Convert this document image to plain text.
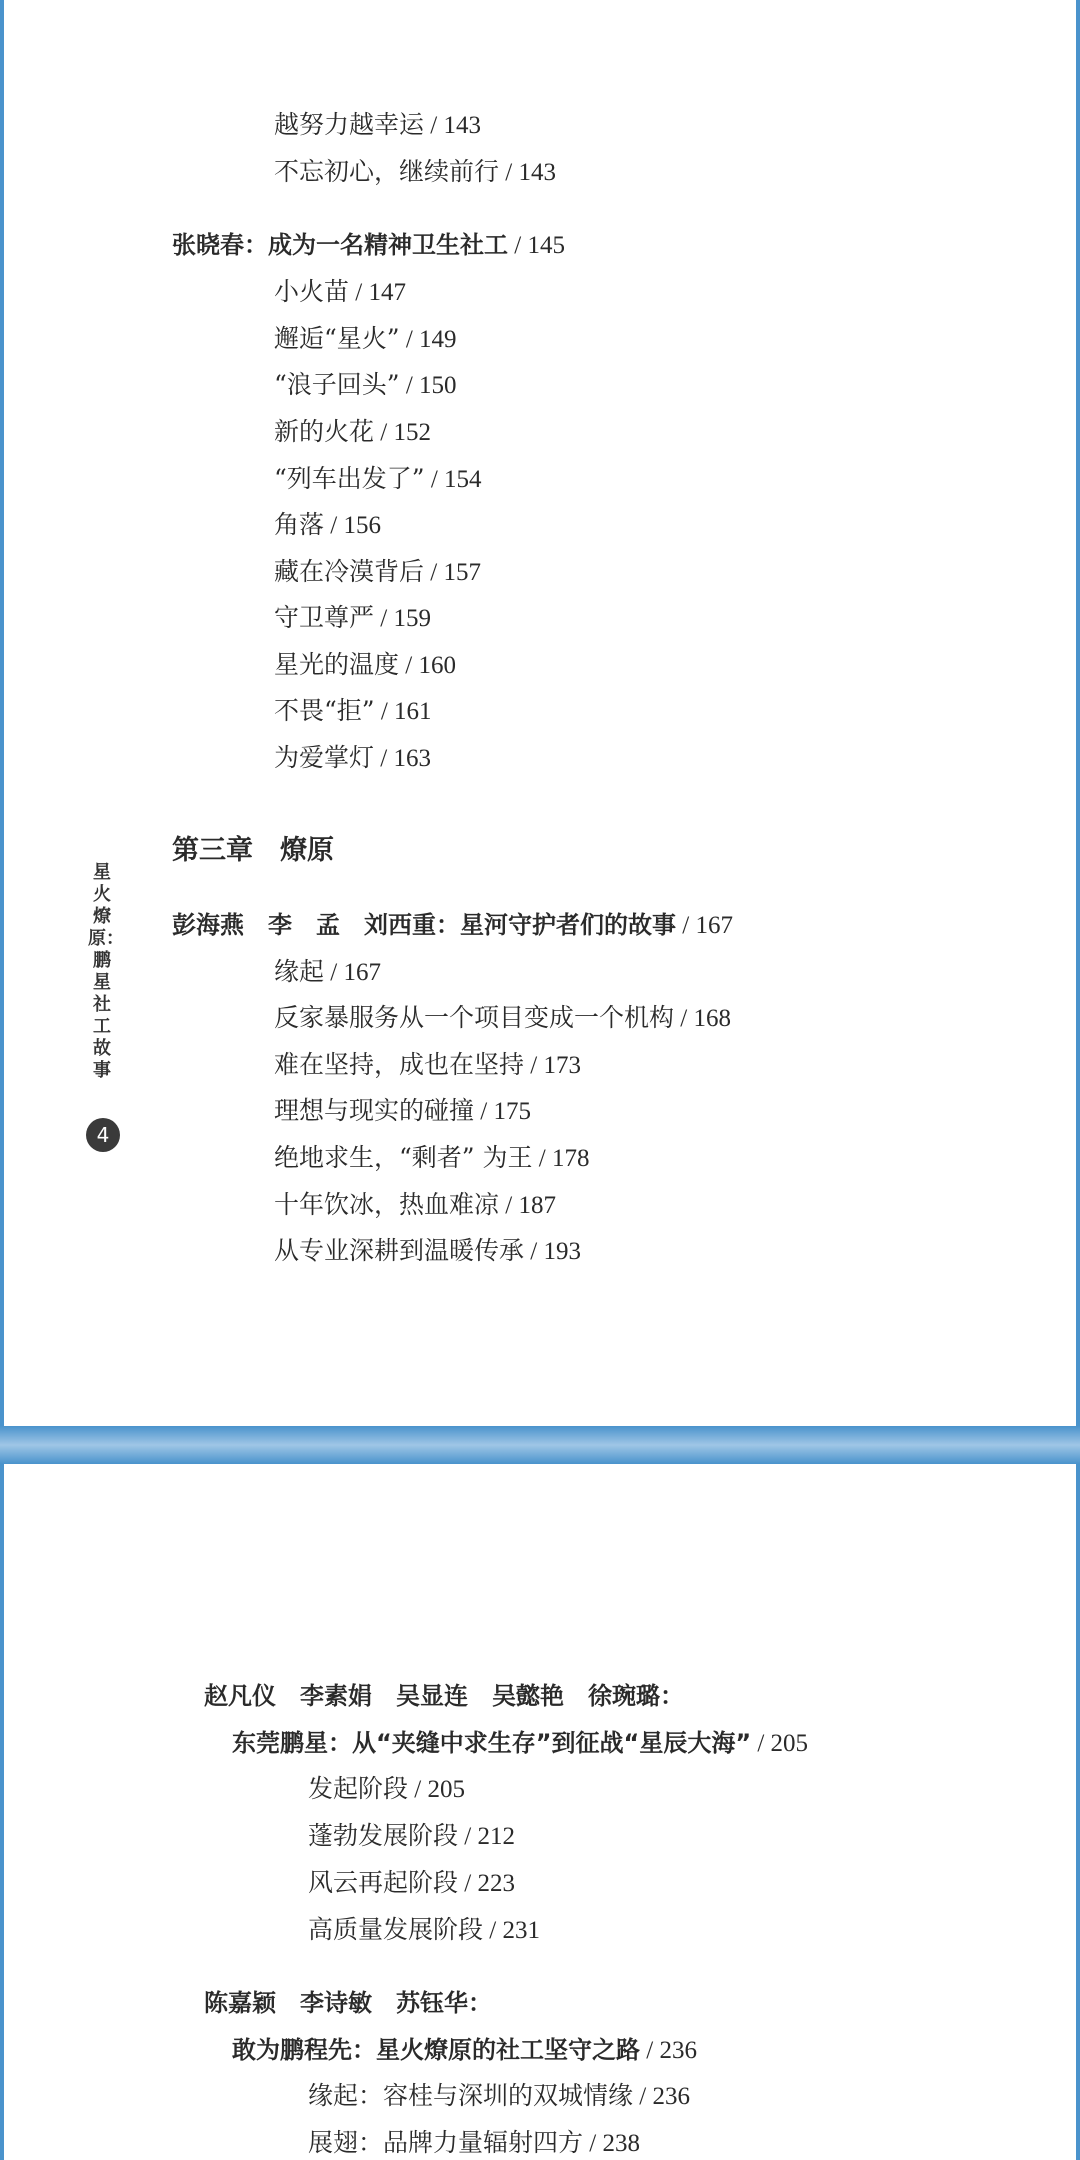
越努力越幸运 / 143
不忘初心，继续前行 / 143
张晓春：成为一名精神卫生社工 / 145
小火苗 / 147
邂逅“星火” / 149
“浪子回头” / 150
新的火花 / 152
“列车出发了” / 154
角落 / 156
藏在冷漠背后 / 157
守卫尊严 / 159
星光的温度 / 160
不畏“拒” / 161
为爱掌灯 / 163
第三章　燎原
彭海燕　李　孟　刘西重：星河守护者们的故事 / 167
缘起 / 167
反家暴服务从一个项目变成一个机构 / 168
难在坚持，成也在坚持 / 173
理想与现实的碰撞 / 175
绝地求生，“剩者” 为王 / 178
十年饮冰，热血难凉 / 187
从专业深耕到温暖传承 / 193
星火燎原：鹏星社工故事
4
赵凡仪　李素娟　吴显连　吴懿艳　徐琬璐：
东莞鹏星：从“夹缝中求生存”到征战“星辰大海” / 205
发起阶段 / 205
蓬勃发展阶段 / 212
风云再起阶段 / 223
高质量发展阶段 / 231
陈嘉颖　李诗敏　苏钰华：
敢为鹏程先：星火燎原的社工坚守之路 / 236
缘起：容桂与深圳的双城情缘 / 236
展翅：品牌力量辐射四方 / 238
